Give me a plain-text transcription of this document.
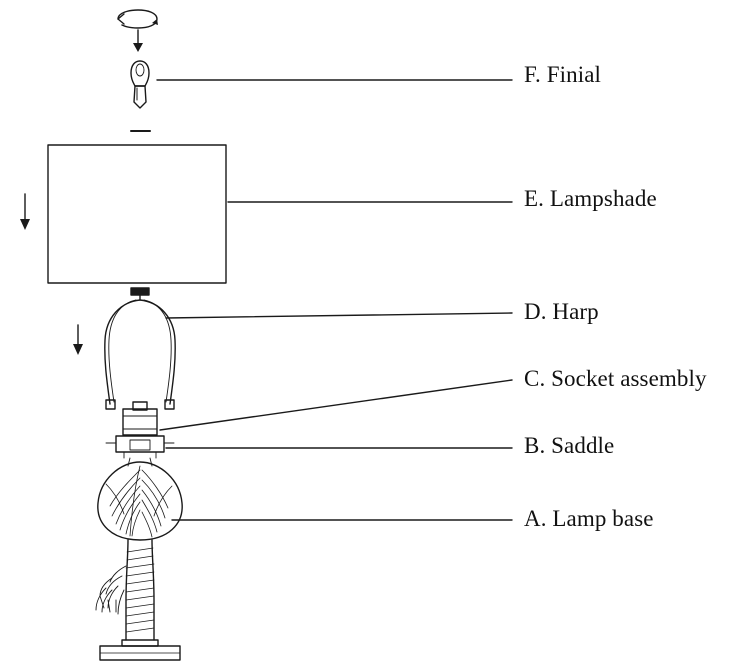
F. Finial
E. Lampshade
D. Harp
C. Socket assembly
B. Saddle
A. Lamp base
